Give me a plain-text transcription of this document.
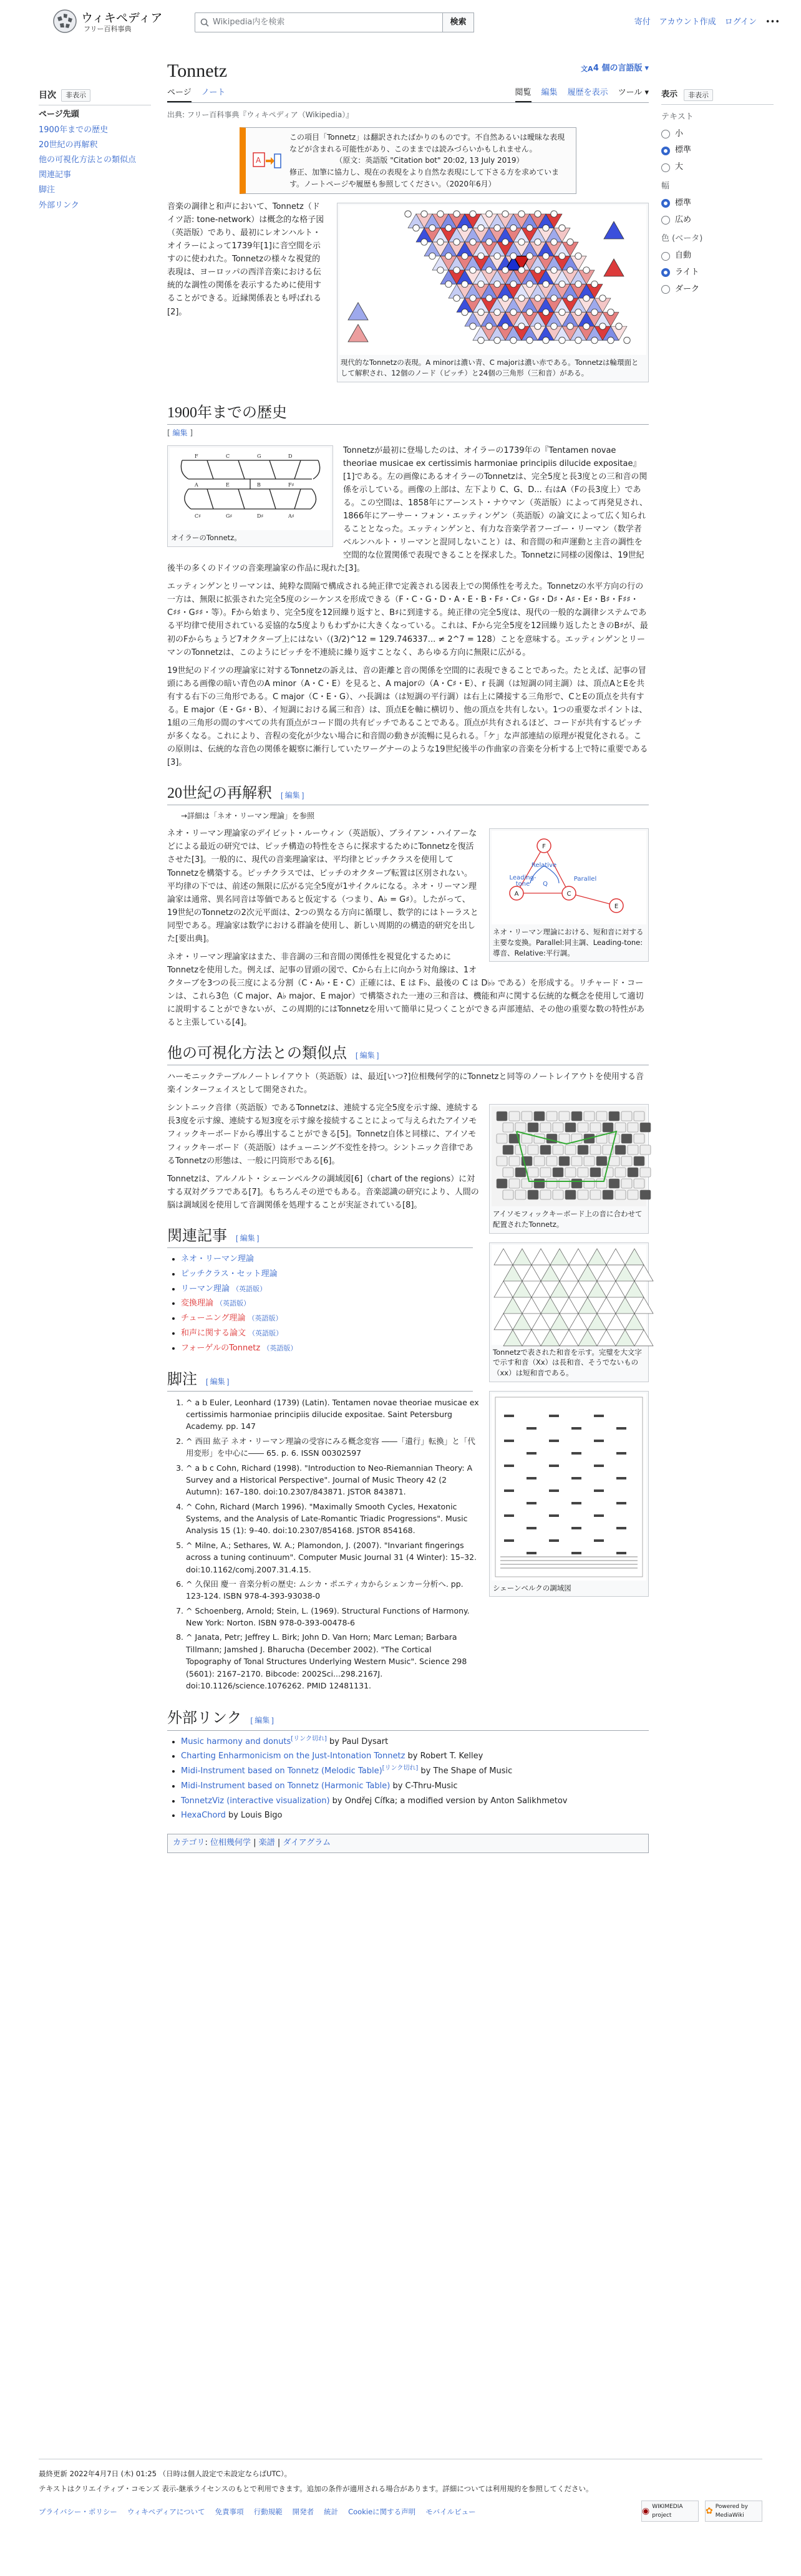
ウィキペディア
フリー百科事典
Wikipedia内を検索	検索	寄付 アカウント作成 ログイン •••
目次	非表示
ページ先頭
1900年までの歴史
20世紀の再解釈
他の可視化方法との類似点
関連記事
脚注
外部リンク
表示	非表示
テキスト
小
標準
大
幅
標準
広め
色 (ベータ)
自動
ライト
ダーク
Tonnetz	文A 4 個の言語版 ▾
ページ ノート	閲覧 編集 履歴を表示 ツール ▾
出典: フリー百科事典『ウィキペディア（Wikipedia）』
A
この項目「Tonnetz」は翻訳されたばかりのものです。不自然あるいは曖昧な表現などが含まれる可能性があり、このままでは読みづらいかもしれません。
（原文：英語版 "Citation bot" 20:02, 13 July 2019）
修正、加筆に協力し、現在の表現をより自然な表現にして下さる方を求めています。ノートページや履歴も参照してください。（2020年6月）
現代的なTonnetzの表現。A minorは濃い青、C majorは濃い赤である。Tonnetzは輪環面として解釈され、12個のノード（ピッチ）と24個の三角形（三和音）がある。

音楽の調律と和声において、Tonnetz（ドイツ語: tone-network）は概念的な格子図（英語版）であり、最初にレオンハルト・オイラーによって1739年[1]に音空間を示すのに使われた。Tonnetzの様々な視覚的表現は、ヨーロッパの西洋音楽における伝統的な調性の関係を表示するために使用することができる。近縁関係表とも呼ばれる[2]。

1900年までの歴史
[ 編集 ]
F	C	G	D
A	E	B	F♯
C♯	G♯	D♯	A♯
オイラーのTonnetz。

Tonnetzが最初に登場したのは、オイラーの1739年の『Tentamen novae theoriae musicae ex certissimis harmoniae principiis dilucide expositae』[1]である。左の画像にあるオイラーのTonnetzは、完全5度と長3度との三和音の関係を示している。画像の上部は、左下より C、G、D... 右はA（Fの長3度上）である。この空間は、1858年にアーンスト・ナウマン（英語版）によって再発見され、1866年にアーサー・フォン・エッティンゲン（英語版）の論文によって広く知られることとなった。エッティンゲンと、有力な音楽学者フーゴー・リーマン（数学者ベルンハルト・リーマンと混同しないこと）は、和音間の和声運動と主音の調性を空間的な位置関係で表現できることを探求した。Tonnetzに同様の図像は、19世紀後半の多くのドイツの音楽理論家の作品に現れた[3]。

エッティンゲンとリーマンは、純粋な間隔で構成される純正律で定義される図表上での関係性を考えた。Tonnetzの水平方向の行の一方は、無限に拡張された完全5度のシーケンスを形成できる（F・C・G・D・A・E・B・F♯・C♯・G♯・D♯・A♯・E♯・B♯・F♯♯・C♯♯・G♯♯・等）。Fから始まり、完全5度を12回繰り返すと、B♯に到達する。純正律の完全5度は、現代の一般的な調律システムである平均律で使用されている妥協的な5度よりもわずかに大きくなっている。これは、Fから完全5度を12回繰り返したときのB♯が、最初のFからちょうど7オクターブ上にはない（(3/2)^12 = 129.746337... ≠ 2^7 = 128）ことを意味する。エッティンゲンとリーマンのTonnetzは、このようにピッチを不連続に繰り返すことなく、あらゆる方向に無限に広がる。

19世紀のドイツの理論家に対するTonnetzの訴えは、音の距離と音の関係を空間的に表現できることであった。たとえば、記事の冒頭にある画像の暗い青色のA minor（A・C・E）を見ると、A majorの（A・C♯・E）、r 長調（は短調の同主調）は、頂点AとEを共有する右下の三角形である。C major（C・E・G）、ハ長調は（は短調の平行調）は右上に隣接する三角形で、CとEの頂点を共有する。E major（E・G♯・B）、イ短調における属三和音）は、頂点Eを軸に横切り、他の頂点を共有しない。1つの重要なポイントは、1組の三角形の間のすべての共有頂点がコード間の共有ピッチであることである。頂点が共有されるほど、コードが共有するピッチが多くなる。これにより、音程の変化が少ない場合に和音間の動きが流暢に見られる。「ケ」な声部連結の原理が視覚化される。この原則は、伝統的な音色の関係を観察に漸行していたワーグナーのような19世紀後半の作曲家の音楽を分析する上で特に重要である[3]。

20世紀の再解釈 [ 編集 ]
→詳細は「ネオ・リーマン理論」を参照
F
A	C
E
Relative
Leading-
tone Q
Parallel
ネオ・リーマン理論における、短和音に対する主要な変換。Parallel:同主調、Leading-tone:導音、Relative:平行調。

ネオ・リーマン理論家のデイビット・ルーウィン（英語版）、ブライアン・ハイアーなどによる最近の研究では、ピッチ構造の特性をさらに探求するためにTonnetzを復活させた[3]。一般的に、現代の音楽理論家は、平均律とピッチクラスを使用してTonnetzを構築する。ピッチクラスでは、ピッチのオクターブ転置は区別されない。平均律の下では、前述の無限に広がる完全5度が1サイクルになる。ネオ・リーマン理論家は通常、異名同音は等価であると仮定する（つまり、A♭ = G♯）。したがって、19世紀のTonnetzの2次元平面は、2つの異なる方向に循環し、数学的にはトーラスと同型である。理論家は数学における群論を使用し、新しい周期的の構造的研究を出した[要出典]。

ネオ・リーマン理論家はまた、非音調の三和音間の関係性を視覚化するためにTonnetzを使用した。例えば、記事の冒頭の図で、Cから右上に向かう対角線は、1オクターブを3つの長三度による分割（C・A♭・E・C）正確には、E は F♭、最後の C は D♭♭ である）を形成する。リチャード・コーンは、これら3色（C major、A♭ major、E major）で構築された一連の三和音は、機能和声に関する伝統的な概念を使用して適切に説明することができないが、この周期的にはTonnetzを用いて簡単に見つくことができる声部連結、その他の重要な数の特性があると主張している[4]。

他の可視化方法との類似点 [ 編集 ]

ハーモニックテーブルノートレイアウト（英語版）は、最近[いつ?]位相幾何学的にTonnetzと同等のノートレイアウトを使用する音楽インターフェイスとして開発された。

アイソモフィックキーボード上の音に合わせて配置されたTonnetz。

シントニック音律（英語版）であるTonnetzは、連続する完全5度を示す線、連続する長3度を示す線、連続する短3度を示す線を接続することによって与えられたアイソモフィックキーボードから導出することができる[5]。Tonnetz自体と同様に、アイソモフィックキーボード（英語版）はチューニング不変性を持つ。シントニック音律であるTonnetzの形態は、一般に円筒形である[6]。

Tonnetzは、アルノルト・シェーンベルクの調域図[6]（chart of the regions）に対する双対グラフである[7]。もちろんその逆でもある。音楽認識の研究により、人間の脳は調域図を使用して音調関係を処理することが実証されている[8]。

Tonnetzで表された和音を示す。完璧を大文字で示す和音（Xx）は長和音、そうでないもの（xx）は短和音である。
関連記事 [ 編集 ]
• ネオ・リーマン理論
• ピッチクラス・セット理論
• リーマン理論 （英語版）
• 変換理論 （英語版）
• チューニング理論 （英語版）
• 和声に関する論文 （英語版）
• フォーゲルのTonnetz （英語版）
シェーンベルクの調域図
脚注 [ 編集 ]
1. ^ a b Euler, Leonhard (1739) (Latin). Tentamen novae theoriae musicae ex certissimis harmoniae principiis dilucide expositae. Saint Petersburg Academy. pp. 147
2. ^ 西田 紘子 ネオ・リーマン理論の受容にみる概念変容 ――「遺行」転換」と「代用変形」を中心に―― 65. p. 6. ISSN 00302597
3. ^ a b c Cohn, Richard (1998). "Introduction to Neo-Riemannian Theory: A Survey and a Historical Perspective". Journal of Music Theory 42 (2 Autumn): 167–180. doi:10.2307/843871. JSTOR 843871.
4. ^ Cohn, Richard (March 1996). "Maximally Smooth Cycles, Hexatonic Systems, and the Analysis of Late-Romantic Triadic Progressions". Music Analysis 15 (1): 9–40. doi:10.2307/854168. JSTOR 854168.
5. ^ Milne, A.; Sethares, W. A.; Plamondon, J. (2007). "Invariant fingerings across a tuning continuum". Computer Music Journal 31 (4 Winter): 15–32. doi:10.1162/comj.2007.31.4.15.
6. ^ 久保田 慶一 音楽分析の歴史: ムシカ・ポエティカからシェンカー分析へ. pp. 123-124. ISBN 978-4-393-93038-0
7. ^ Schoenberg, Arnold; Stein, L. (1969). Structural Functions of Harmony. New York: Norton. ISBN 978-0-393-00478-6
8. ^ Janata, Petr; Jeffrey L. Birk; John D. Van Horn; Marc Leman; Barbara Tillmann; Jamshed J. Bharucha (December 2002). "The Cortical Topography of Tonal Structures Underlying Western Music". Science 298 (5601): 2167–2170. Bibcode: 2002Sci...298.2167J. doi:10.1126/science.1076262. PMID 12481131.
外部リンク [ 編集 ]
• Music harmony and donuts[リンク切れ] by Paul Dysart
• Charting Enharmonicism on the Just-Intonation Tonnetz by Robert T. Kelley
• Midi-Instrument based on Tonnetz (Melodic Table)[リンク切れ] by The Shape of Music
• Midi-Instrument based on Tonnetz (Harmonic Table) by C-Thru-Music
• TonnetzViz (interactive visualization) by Ondřej Cífka; a modified version by Anton Salikhmetov
• HexaChord by Louis Bigo
カテゴリ: 位相幾何学 | 楽譜 | ダイアグラム
最終更新 2022年4月7日 (木) 01:25 （日時は個人設定で未設定ならばUTC）。
テキストはクリエイティブ・コモンズ 表示-継承ライセンスのもとで利用できます。追加の条件が適用される場合があります。詳細については利用規約を参照してください。
プライバシー・ポリシー ウィキペディアについて 免責事項 行動規範 開発者 統計 Cookieに関する声明 モバイルビュー	◉ WIKIMEDIA project	✿ Powered by MediaWiki
